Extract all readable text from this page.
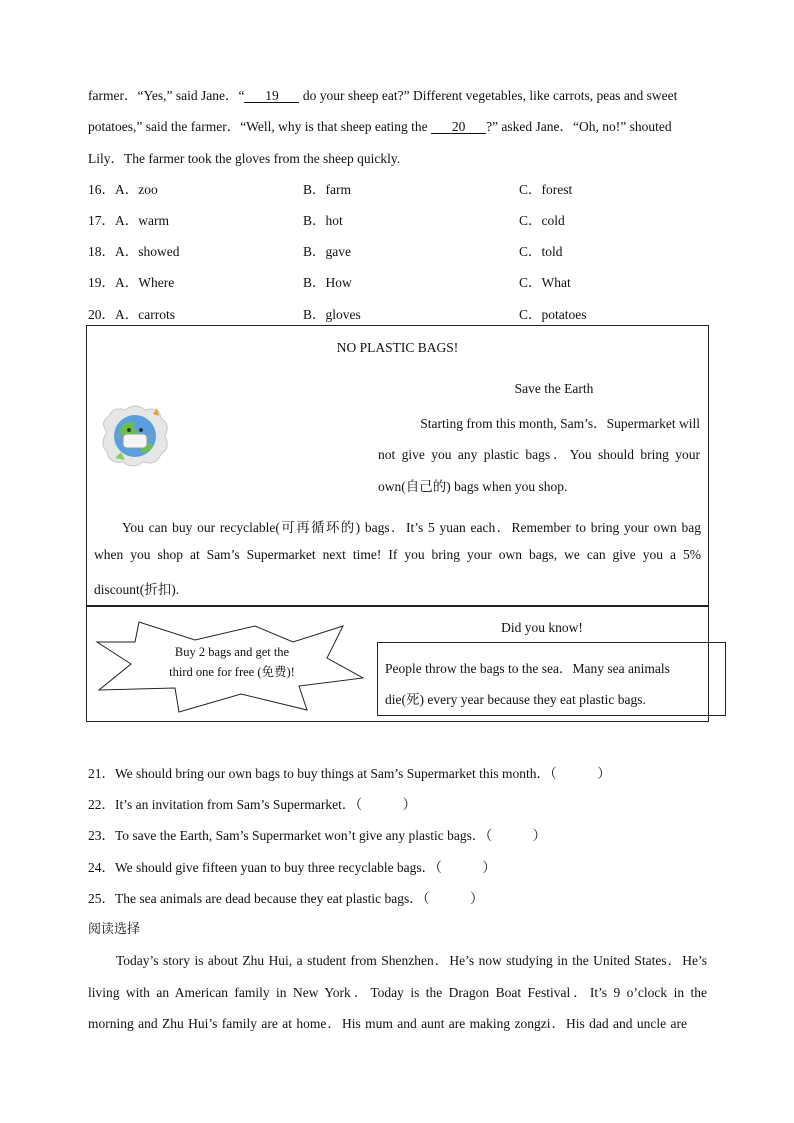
farmer．“Yes,” said Jane．“ 19 do your sheep eat?” Different vegetables, like carrots, peas and sweet
potatoes,” said the farmer．“Well, why is that sheep eating the 20 ?” asked Jane．“Oh, no!” shouted
Lily．The farmer took the gloves from the sheep quickly.
16．A．zoo	B．farm	C．forest
17．A．warm	B．hot	C．cold
18．A．showed	B．gave	C．told
19．A．Where	B．How	C．What
20．A．carrots	B．gloves	C．potatoes
NO PLASTIC BAGS!
Save the Earth
Starting from this month, Sam’s．Supermarket will
not give you any plastic bags．You should bring your
own(自己的) bags when you shop.
You can buy our recyclable(可再循环的) bags．It’s 5 yuan each．Remember to bring your own bag
when you shop at Sam’s Supermarket next time! If you bring your own bags, we can give you a 5%
discount(折扣).
Buy 2 bags and get the
third one for free (免费)!
Did you know!
People throw the bags to the sea．Many sea animals
die(死) every year because they eat plastic bags.
21．We should bring our own bags to buy things at Sam’s Supermarket this month．（　　　）
22．It’s an invitation from Sam’s Supermarket．（　　　）
23．To save the Earth, Sam’s Supermarket won’t give any plastic bags．（　　　）
24．We should give fifteen yuan to buy three recyclable bags．（　　　）
25．The sea animals are dead because they eat plastic bags．（　　　）
阅读选择
Today’s story is about Zhu Hui, a student from Shenzhen．He’s now studying in the United States．He’s
living with an American family in New York．Today is the Dragon Boat Festival．It’s 9 o’clock in the
morning and Zhu Hui’s family are at home．His mum and aunt are making zongzi．His dad and uncle are
